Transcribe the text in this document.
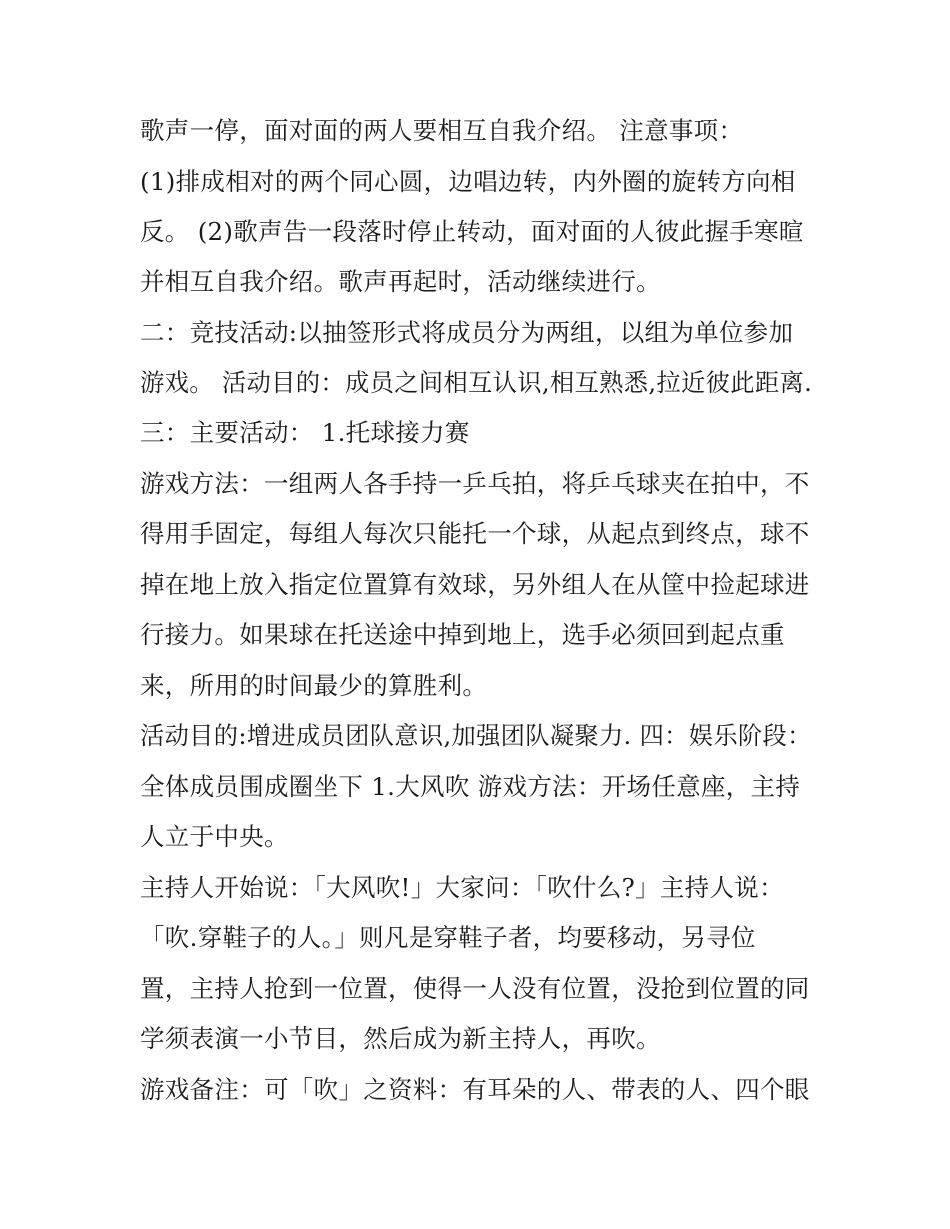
歌声一停，面对面的两人要相互自我介绍。 注意事项：

(1)排成相对的两个同心圆，边唱边转，内外圈的旋转方向相

反。 (2)歌声告一段落时停止转动，面对面的人彼此握手寒暄

并相互自我介绍。歌声再起时，活动继续进行。

二：竞技活动:以抽签形式将成员分为两组，以组为单位参加

游戏。 活动目的：成员之间相互认识,相互熟悉,拉近彼此距离.

三：主要活动： 1.托球接力赛

游戏方法：一组两人各手持一乒乓拍，将乒乓球夹在拍中，不

得用手固定，每组人每次只能托一个球，从起点到终点，球不

掉在地上放入指定位置算有效球，另外组人在从筐中捡起球进

行接力。如果球在托送途中掉到地上，选手必须回到起点重

来，所用的时间最少的算胜利。

活动目的:增进成员团队意识,加强团队凝聚力. 四：娱乐阶段：

全体成员围成圈坐下 1.大风吹 游戏方法：开场任意座，主持

人立于中央。

主持人开始说：「大风吹!」大家问：「吹什么?」主持人说：

「吹.穿鞋子的人。」则凡是穿鞋子者，均要移动，另寻位

置，主持人抢到一位置，使得一人没有位置，没抢到位置的同

学须表演一小节目，然后成为新主持人，再吹。

游戏备注：可「吹」之资料：有耳朵的人、带表的人、四个眼
